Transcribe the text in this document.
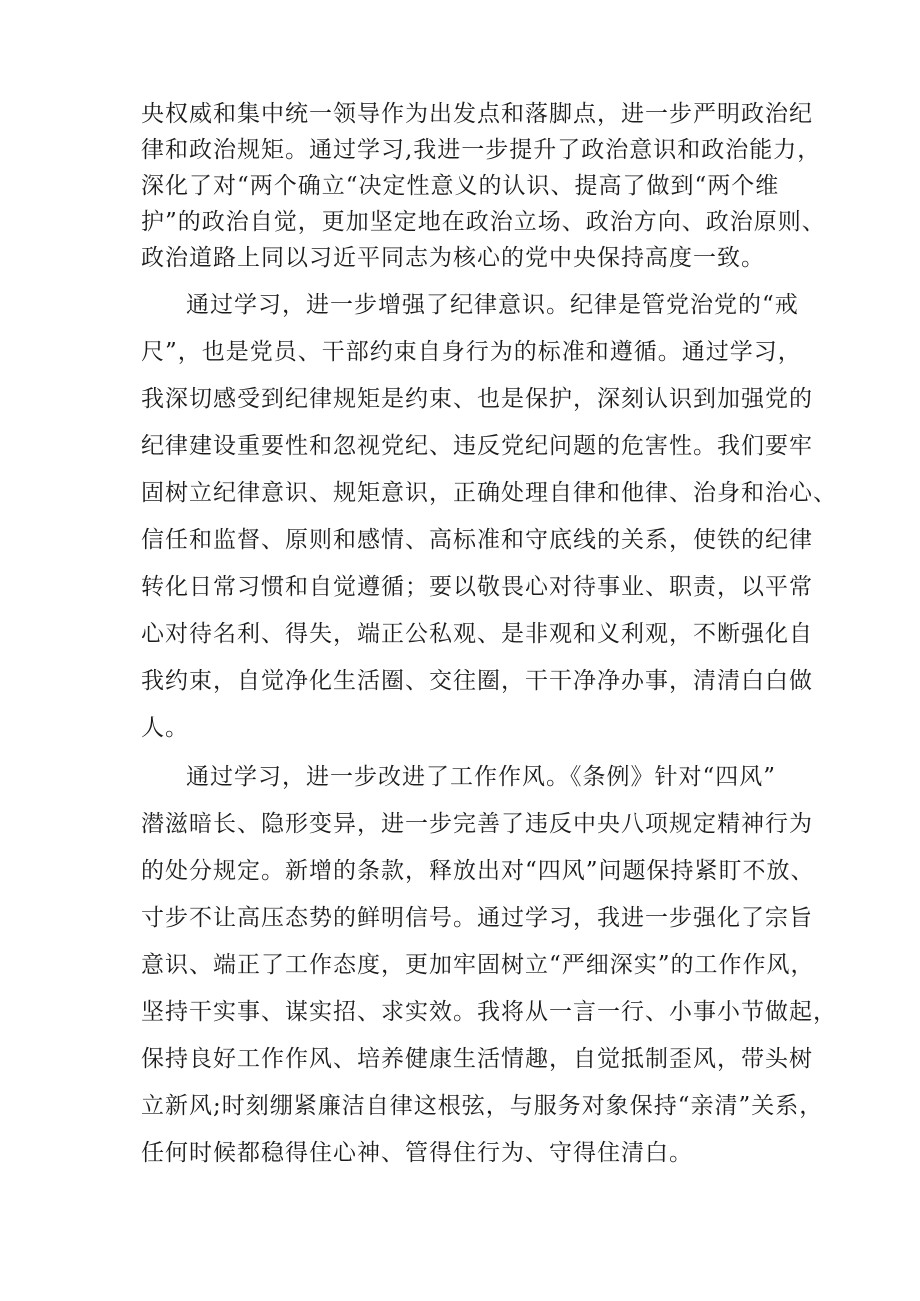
央权威和集中统一领导作为出发点和落脚点，进一步严明政治纪
律和政治规矩。通过学习,我进一步提升了政治意识和政治能力，
深化了对“两个确立“决定性意义的认识、提高了做到“两个维
护”的政治自觉，更加坚定地在政治立场、政治方向、政治原则、
政治道路上同以习近平同志为核心的党中央保持高度一致。
通过学习，进一步增强了纪律意识。纪律是管党治党的“戒
尺”，也是党员、干部约束自身行为的标准和遵循。通过学习，
我深切感受到纪律规矩是约束、也是保护，深刻认识到加强党的
纪律建设重要性和忽视党纪、违反党纪问题的危害性。我们要牢
固树立纪律意识、规矩意识，正确处理自律和他律、治身和治心、
信任和监督、原则和感情、高标准和守底线的关系，使铁的纪律
转化日常习惯和自觉遵循；要以敬畏心对待事业、职责，以平常
心对待名利、得失，端正公私观、是非观和义利观，不断强化自
我约束，自觉净化生活圈、交往圈，干干净净办事，清清白白做
人。
通过学习，进一步改进了工作作风。《条例》针对“四风”
潜滋暗长、隐形变异，进一步完善了违反中央八项规定精神行为
的处分规定。新增的条款，释放出对“四风”问题保持紧盯不放、
寸步不让高压态势的鲜明信号。通过学习，我进一步强化了宗旨
意识、端正了工作态度，更加牢固树立“严细深实”的工作作风，
坚持干实事、谋实招、求实效。我将从一言一行、小事小节做起，
保持良好工作作风、培养健康生活情趣，自觉抵制歪风，带头树
立新风;时刻绷紧廉洁自律这根弦，与服务对象保持“亲清”关系，
任何时候都稳得住心神、管得住行为、守得住清白。
